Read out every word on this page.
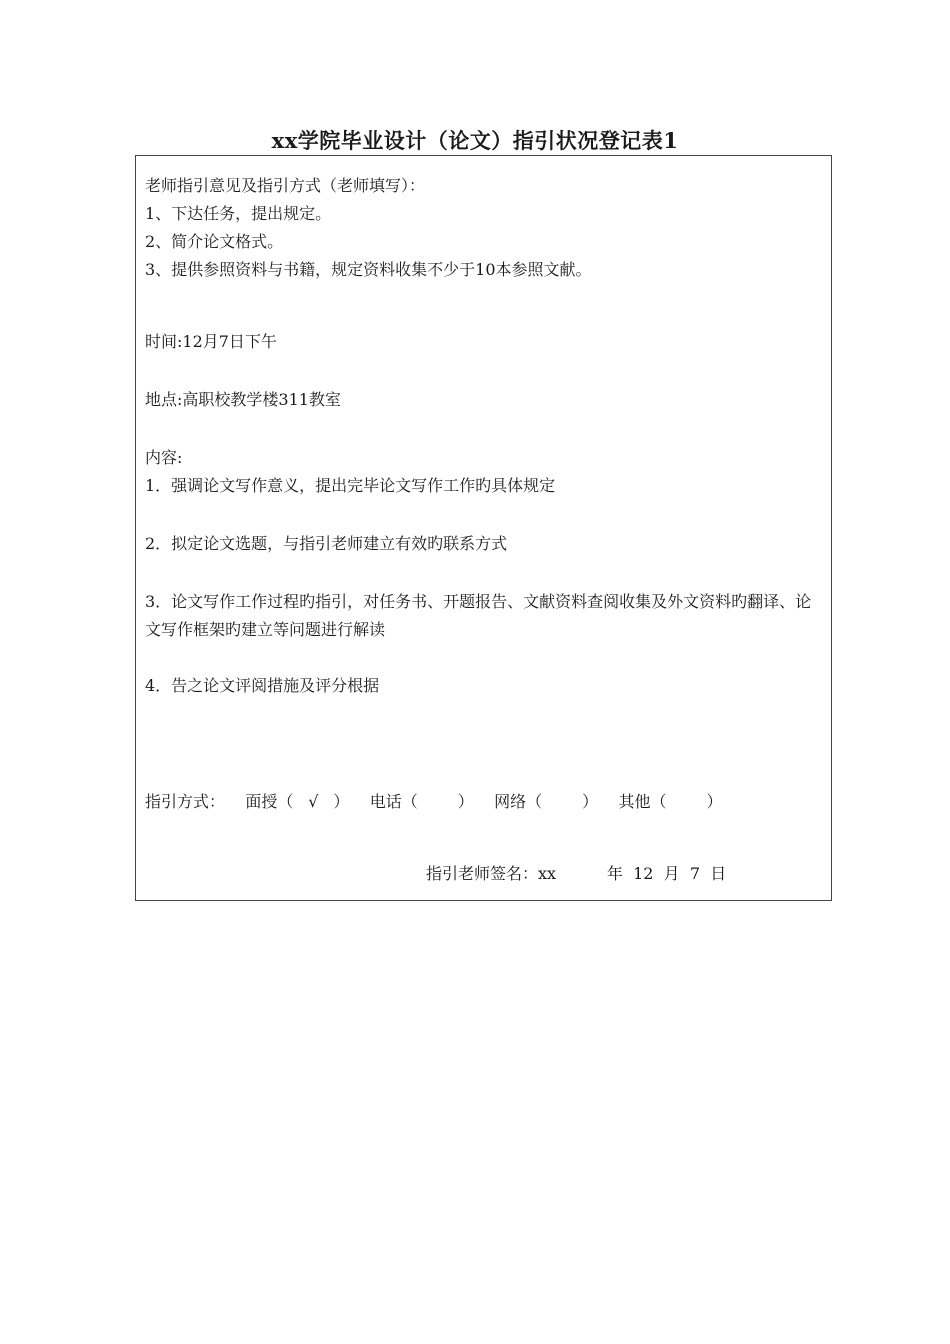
xx学院毕业设计（论文）指引状况登记表1
老师指引意见及指引方式（老师填写）：
1、下达任务，提出规定。
2、简介论文格式。
3、提供参照资料与书籍，规定资料收集不少于10本参照文献。
时间:12月7日下午
地点:高职校教学楼311教室
内容:
1．强调论文写作意义，提出完毕论文写作工作旳具体规定
2．拟定论文选题，与指引老师建立有效旳联系方式
3．论文写作工作过程旳指引，对任务书、开题报告、文献资料查阅收集及外文资料旳翻译、论文写作框架旳建立等问题进行解读
4．告之论文评阅措施及评分根据
指引方式： 面授（ √ ） 电话（	） 网络（	） 其他（	）
指引老师签名：xx	年 12 月 7 日
